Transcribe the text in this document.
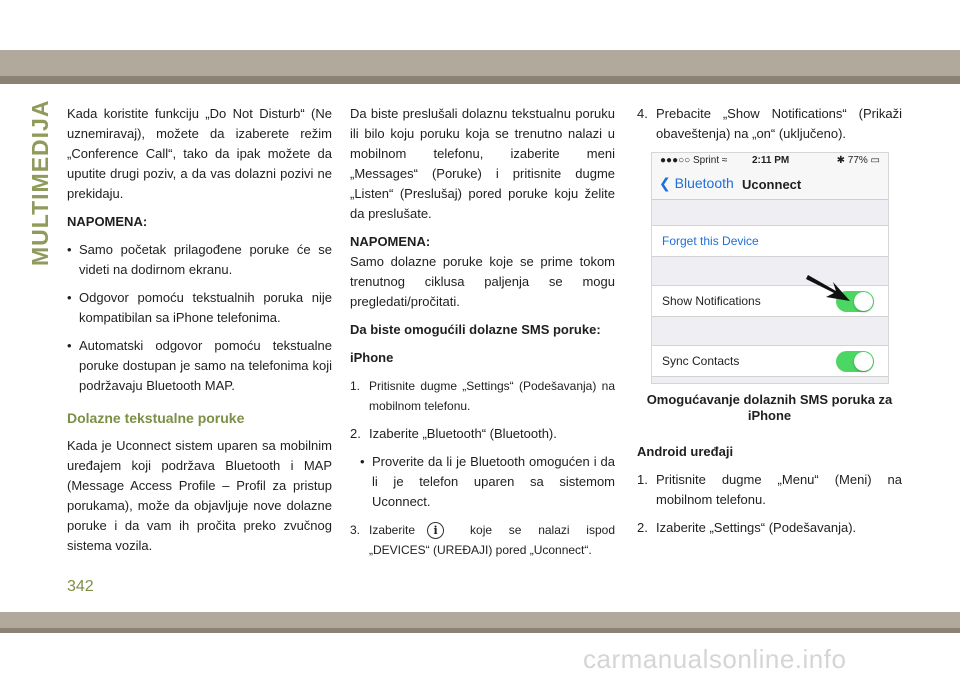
MULTIMEDIJA
342
carmanualsonline.info

Kada koristite funkciju „Do Not Disturb“ (Ne uznemiravaj), možete da izaberete režim „Conference Call“, tako da ipak možete da uputite drugi poziv, a da vas dolazni pozivi ne prekidaju.

NAPOMENA:

• Samo početak prilagođene poruke će se videti na dodirnom ekranu.
• Odgovor pomoću tekstualnih poruka nije kompatibilan sa iPhone telefonima.
• Automatski odgovor pomoću tekstualne poruke dostupan je samo na telefonima koji podržavaju Bluetooth MAP.
Dolazne tekstualne poruke

Kada je Uconnect sistem uparen sa mobilnim uređajem koji podržava Bluetooth i MAP (Message Access Profile – Profil za pristup porukama), može da objavljuje nove dolazne poruke i da vam ih pročita preko zvučnog sistema vozila.

Da biste preslušali dolaznu tekstualnu poruku ili bilo koju poruku koja se trenutno nalazi u mobilnom telefonu, izaberite meni „Messages“ (Poruke) i pritisnite dugme „Listen“ (Preslušaj) pored poruke koju želite da preslušate.

NAPOMENA:
Samo dolazne poruke koje se prime tokom trenutnog ciklusa paljenja se mogu pregledati/pročitati.

Da biste omogućili dolazne SMS poruke:

iPhone

1. Pritisnite dugme „Settings“ (Podešavanja) na mobilnom telefonu.
2. Izaberite „Bluetooth“ (Bluetooth).
• Proverite da li je Bluetooth omogućen i da li je telefon uparen sa sistemom Uconnect.
3. Izaberite i	koje se nalazi ispod „DEVICES“ (UREĐAJI) pored „Uconnect“.
4. Prebacite „Show Notifications“ (Prikaži obaveštenja) na „on“ (uključeno).
●●●○○ Sprint ≈ 2:11 PM	✱ 77% ▭
❮ Bluetooth Uconnect
Forget this Device
Show Notifications
Sync Contacts
Omogućavanje dolaznih SMS poruka za iPhone

Android uređaji

1. Pritisnite dugme „Menu“ (Meni) na mobilnom telefonu.
2. Izaberite „Settings“ (Podešavanja).
